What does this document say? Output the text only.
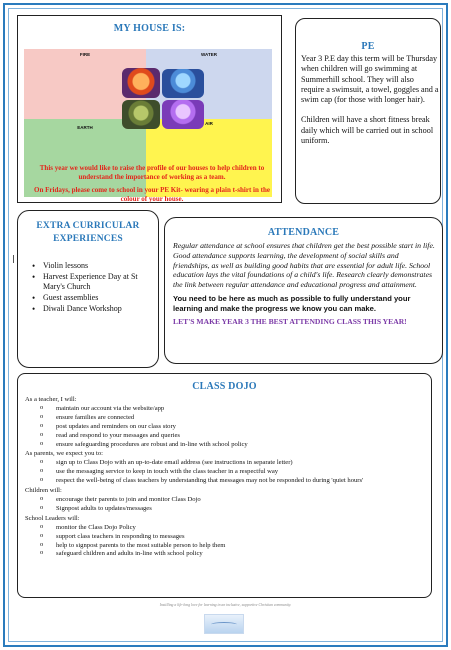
MY HOUSE IS:
FIRE	WATER
EARTH
AIR

This year we would like to raise the profile of our houses to help children to understand the importance of working as a team.

On Fridays, please come to school in your PE Kit- wearing a plain t-shirt in the colour of your house.

PE

Year 3 P.E day this term will be Thursday when children will go swimming at Summerhill school. They will also require a swimsuit, a towel, goggles and a swim cap (for those with longer hair).

Children will have a short fitness break daily which will be carried out in school uniform.

EXTRA CURRICULAR EXPERIENCES
• Violin lessons
• Harvest Experience Day at St Mary's Church
• Guest assemblies
• Diwali Dance Workshop
ATTENDANCE

Regular attendance at school ensures that children get the best possible start in life. Good attendance supports learning, the development of social skills and friendships, as well as building good habits that are essential for adult life. School education lays the vital foundations of a child's life. Research clearly demonstrates the link between regular attendance and educational progress and attainment.

You need to be here as much as possible to fully understand your learning and make the progress we know you can make.

LET'S MAKE YEAR 3 THE BEST ATTENDING CLASS THIS YEAR!

CLASS DOJO
As a teacher, I will:
o maintain our account via the website/app
o ensure families are connected
o post updates and reminders on our class story
o read and respond to your messages and queries
o ensure safeguarding procedures are robust and in-line with school policy
As parents, we expect you to:
o sign up to Class Dojo with an up-to-date email address (see instructions in separate letter)
o use the messaging service to keep in touch with the class teacher in a respectful way
o respect the well-being of class teachers by understanding that messages may not be responded to during 'quiet hours'
Children will:
o encourage their parents to join and monitor Class Dojo
o Signpost adults to updates/messages
School Leaders will:
o monitor the Class Dojo Policy
o support class teachers in responding to messages
o help to signpost parents to the most suitable person to help them
o safeguard children and adults in-line with school policy
Instilling a life-long love for learning in an inclusive, supportive Christian community.
